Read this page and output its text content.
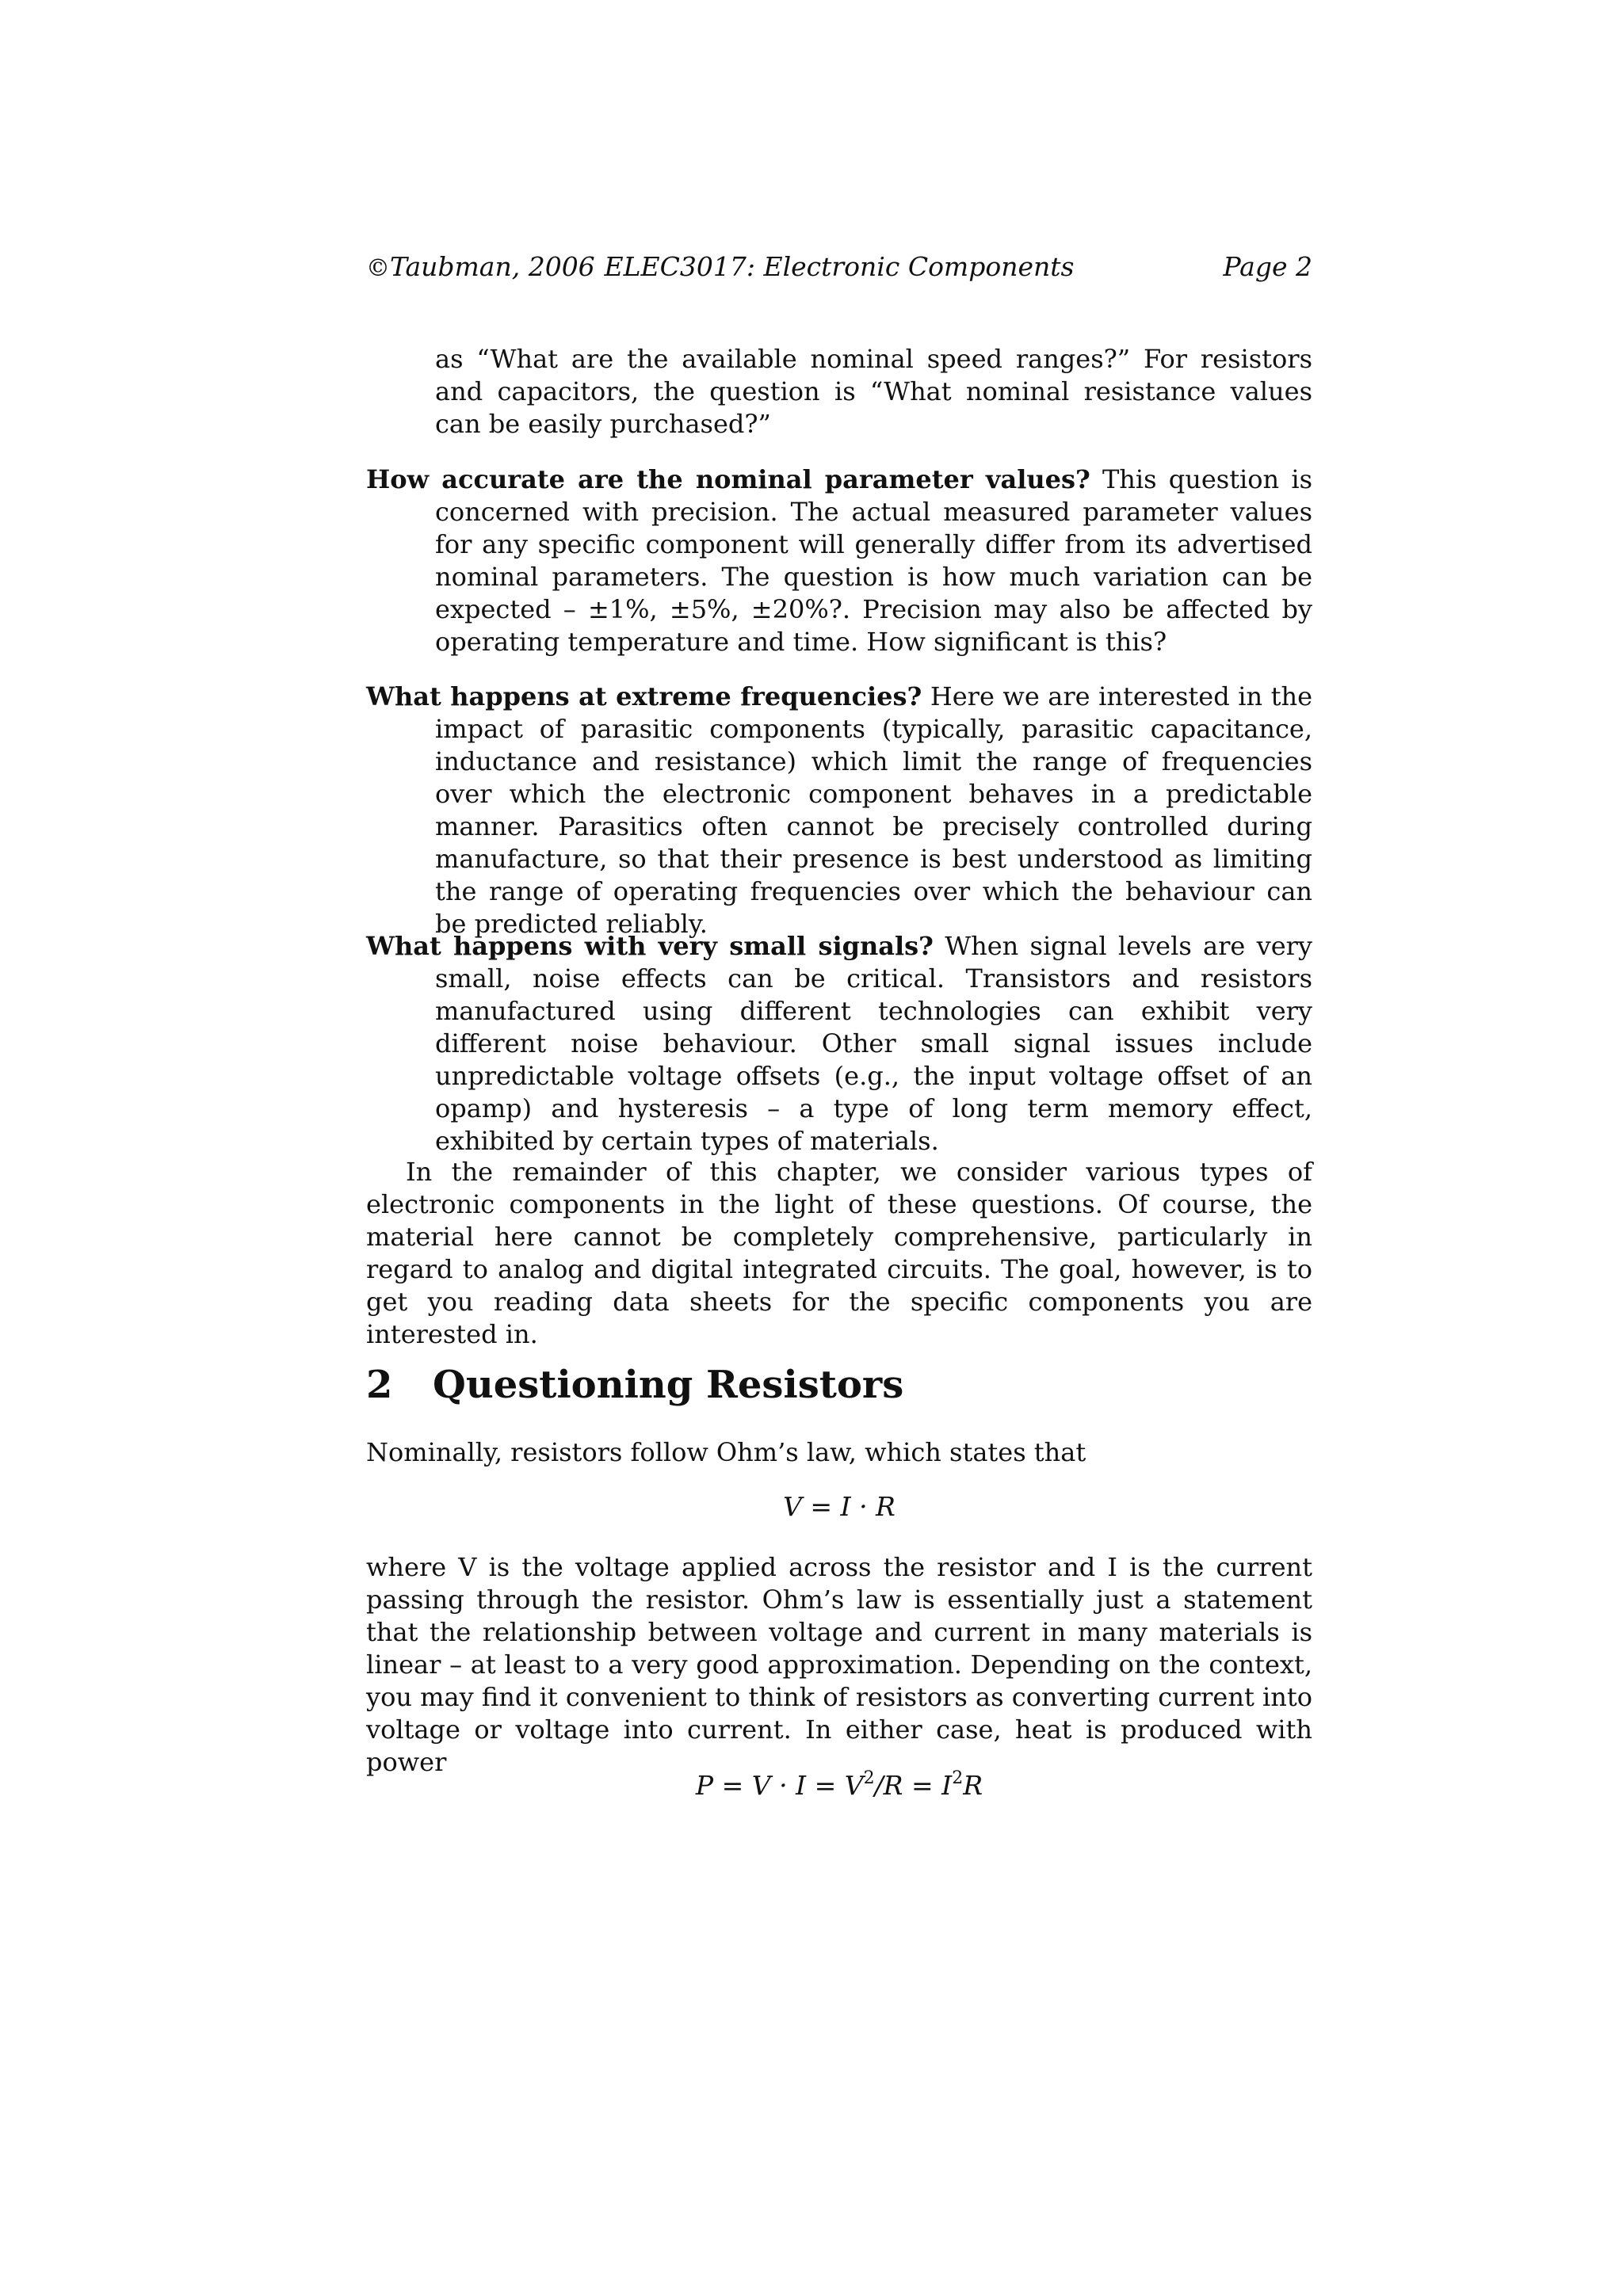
©Taubman, 2006 ELEC3017: Electronic Components	Page 2

as “What are the available nominal speed ranges?” For resistors and capacitors, the question is “What nominal resistance values can be easily purchased?”

How accurate are the nominal parameter values? This question is concerned with precision. The actual measured parameter values for any specific component will generally differ from its advertised nominal parameters. The question is how much variation can be expected – ±1%, ±5%, ±20%?. Precision may also be affected by operating temperature and time. How significant is this?

What happens at extreme frequencies? Here we are interested in the impact of parasitic components (typically, parasitic capacitance, inductance and resistance) which limit the range of frequencies over which the electronic component behaves in a predictable manner. Parasitics often cannot be precisely controlled during manufacture, so that their presence is best understood as limiting the range of operating frequencies over which the behaviour can be predicted reliably.

What happens with very small signals? When signal levels are very small, noise effects can be critical. Transistors and resistors manufactured using different technologies can exhibit very different noise behaviour. Other small signal issues include unpredictable voltage offsets (e.g., the input voltage offset of an opamp) and hysteresis – a type of long term memory effect, exhibited by certain types of materials.

In the remainder of this chapter, we consider various types of electronic components in the light of these questions. Of course, the material here cannot be completely comprehensive, particularly in regard to analog and digital integrated circuits. The goal, however, is to get you reading data sheets for the specific components you are interested in.

2 Questioning Resistors

Nominally, resistors follow Ohm’s law, which states that

V = I · R

where V is the voltage applied across the resistor and I is the current passing through the resistor. Ohm’s law is essentially just a statement that the relationship between voltage and current in many materials is linear – at least to a very good approximation. Depending on the context, you may find it convenient to think of resistors as converting current into voltage or voltage into current. In either case, heat is produced with power

$P = V \cdot I = V^2/R = I^2R$
